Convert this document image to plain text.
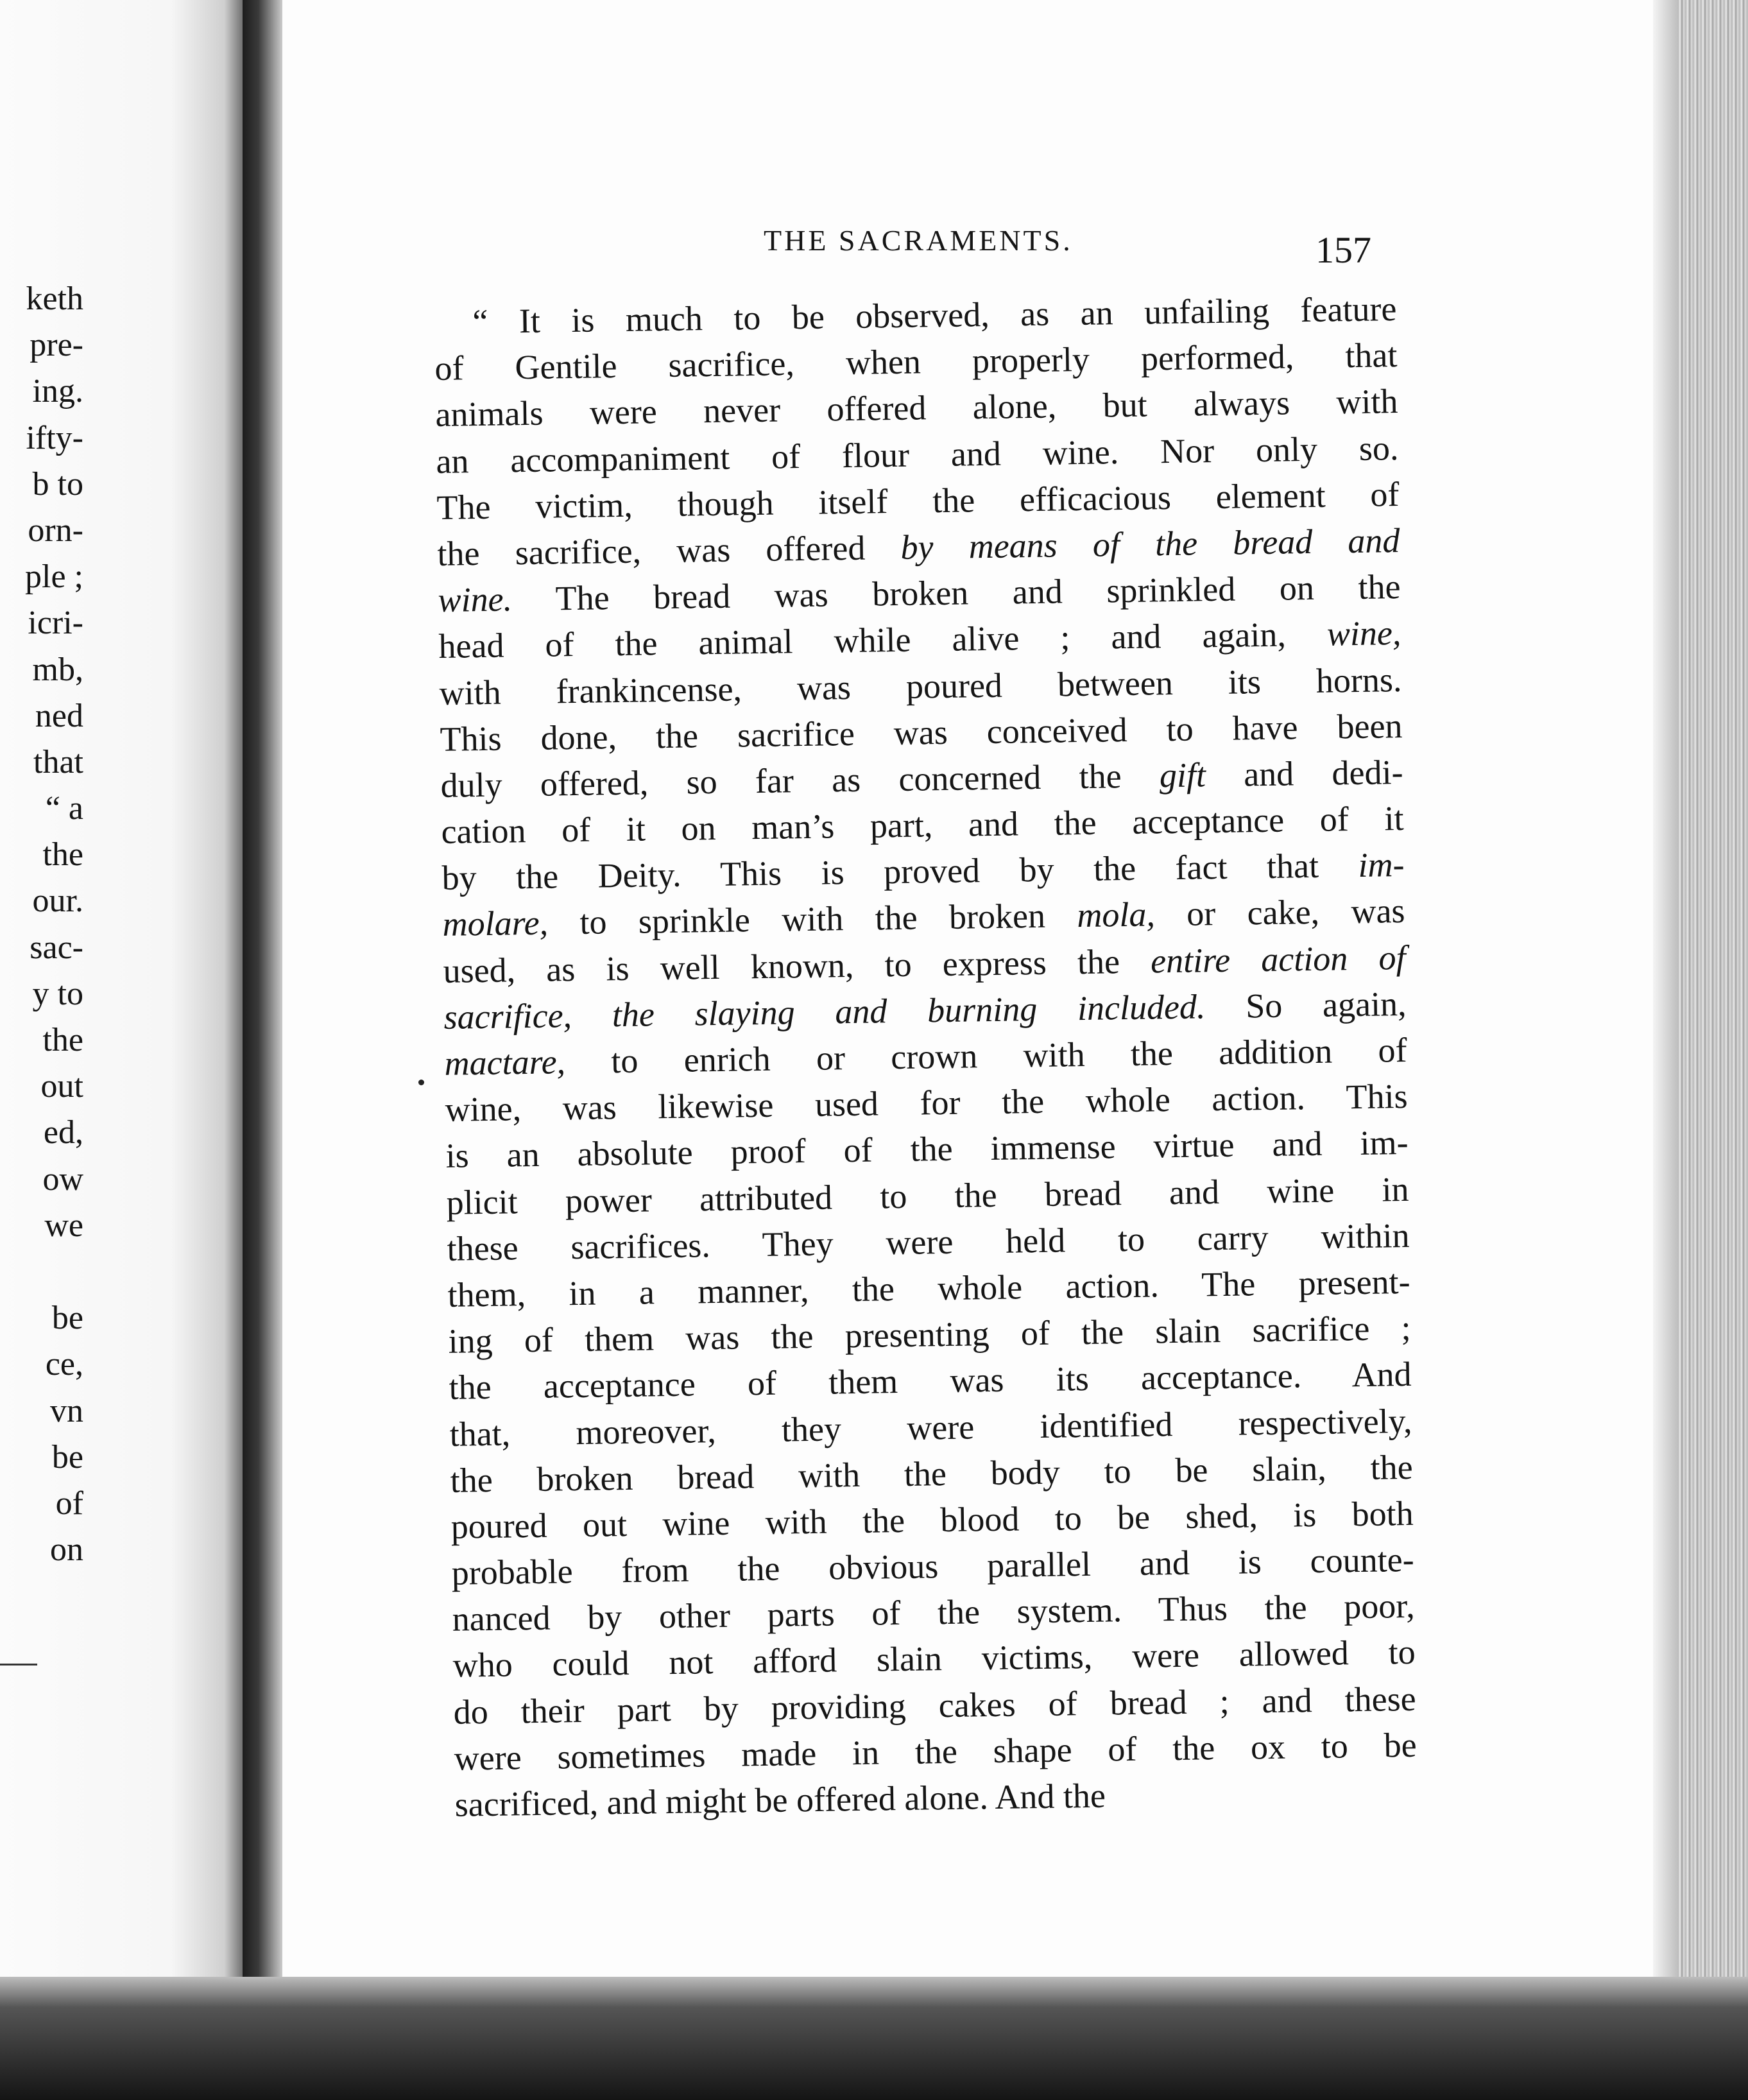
keth
pre-
ing.
ifty-
b to
orn-
ple ;
icri-
mb,
ned
that
“ a
the
our.
sac-
y to
the
out
ed,
ow
we
be
ce,
vn
be
of
on
THE SACRAMENTS.	157
“ It is much to be observed, as an unfailing feature
of Gentile sacrifice, when properly performed, that
animals were never offered alone, but always with
an accompaniment of flour and wine. Nor only so.
The victim, though itself the efficacious element of
the sacrifice, was offered by means of the bread and
wine. The bread was broken and sprinkled on the
head of the animal while alive ; and again, wine,
with frankincense, was poured between its horns.
This done, the sacrifice was conceived to have been
duly offered, so far as concerned the gift and dedi-
cation of it on man’s part, and the acceptance of it
by the Deity. This is proved by the fact that im-
molare, to sprinkle with the broken mola, or cake, was
used, as is well known, to express the entire action of
sacrifice, the slaying and burning included. So again,
mactare, to enrich or crown with the addition of
wine, was likewise used for the whole action. This
is an absolute proof of the immense virtue and im-
plicit power attributed to the bread and wine in
these sacrifices. They were held to carry within
them, in a manner, the whole action. The present-
ing of them was the presenting of the slain sacrifice ;
the acceptance of them was its acceptance. And
that, moreover, they were identified respectively,
the broken bread with the body to be slain, the
poured out wine with the blood to be shed, is both
probable from the obvious parallel and is counte-
nanced by other parts of the system. Thus the poor,
who could not afford slain victims, were allowed to
do their part by providing cakes of bread ; and these
were sometimes made in the shape of the ox to be
sacrificed, and might be offered alone. And the
